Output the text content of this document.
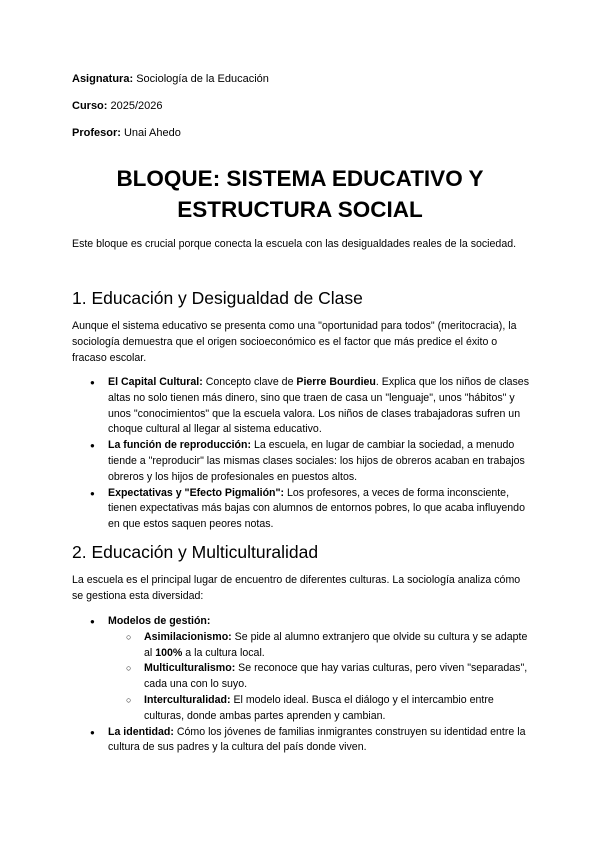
Asignatura: Sociología de la Educación

Curso: 2025/2026

Profesor: Unai Ahedo

BLOQUE: SISTEMA EDUCATIVO Y ESTRUCTURA SOCIAL

Este bloque es crucial porque conecta la escuela con las desigualdades reales de la sociedad.

1. Educación y Desigualdad de Clase

Aunque el sistema educativo se presenta como una "oportunidad para todos" (meritocracia), la sociología demuestra que el origen socioeconómico es el factor que más predice el éxito o fracaso escolar.

● El Capital Cultural: Concepto clave de Pierre Bourdieu. Explica que los niños de clases altas no solo tienen más dinero, sino que traen de casa un "lenguaje", unos "hábitos" y unos "conocimientos" que la escuela valora. Los niños de clases trabajadoras sufren un choque cultural al llegar al sistema educativo.
● La función de reproducción: La escuela, en lugar de cambiar la sociedad, a menudo tiende a "reproducir" las mismas clases sociales: los hijos de obreros acaban en trabajos obreros y los hijos de profesionales en puestos altos.
● Expectativas y "Efecto Pigmalión": Los profesores, a veces de forma inconsciente, tienen expectativas más bajas con alumnos de entornos pobres, lo que acaba influyendo en que estos saquen peores notas.
2. Educación y Multiculturalidad

La escuela es el principal lugar de encuentro de diferentes culturas. La sociología analiza cómo se gestiona esta diversidad:

● Modelos de gestión:
○ Asimilacionismo: Se pide al alumno extranjero que olvide su cultura y se adapte al 100% a la cultura local.
○ Multiculturalismo: Se reconoce que hay varias culturas, pero viven "separadas", cada una con lo suyo.
○ Interculturalidad: El modelo ideal. Busca el diálogo y el intercambio entre culturas, donde ambas partes aprenden y cambian.
● La identidad: Cómo los jóvenes de familias inmigrantes construyen su identidad entre la cultura de sus padres y la cultura del país donde viven.
